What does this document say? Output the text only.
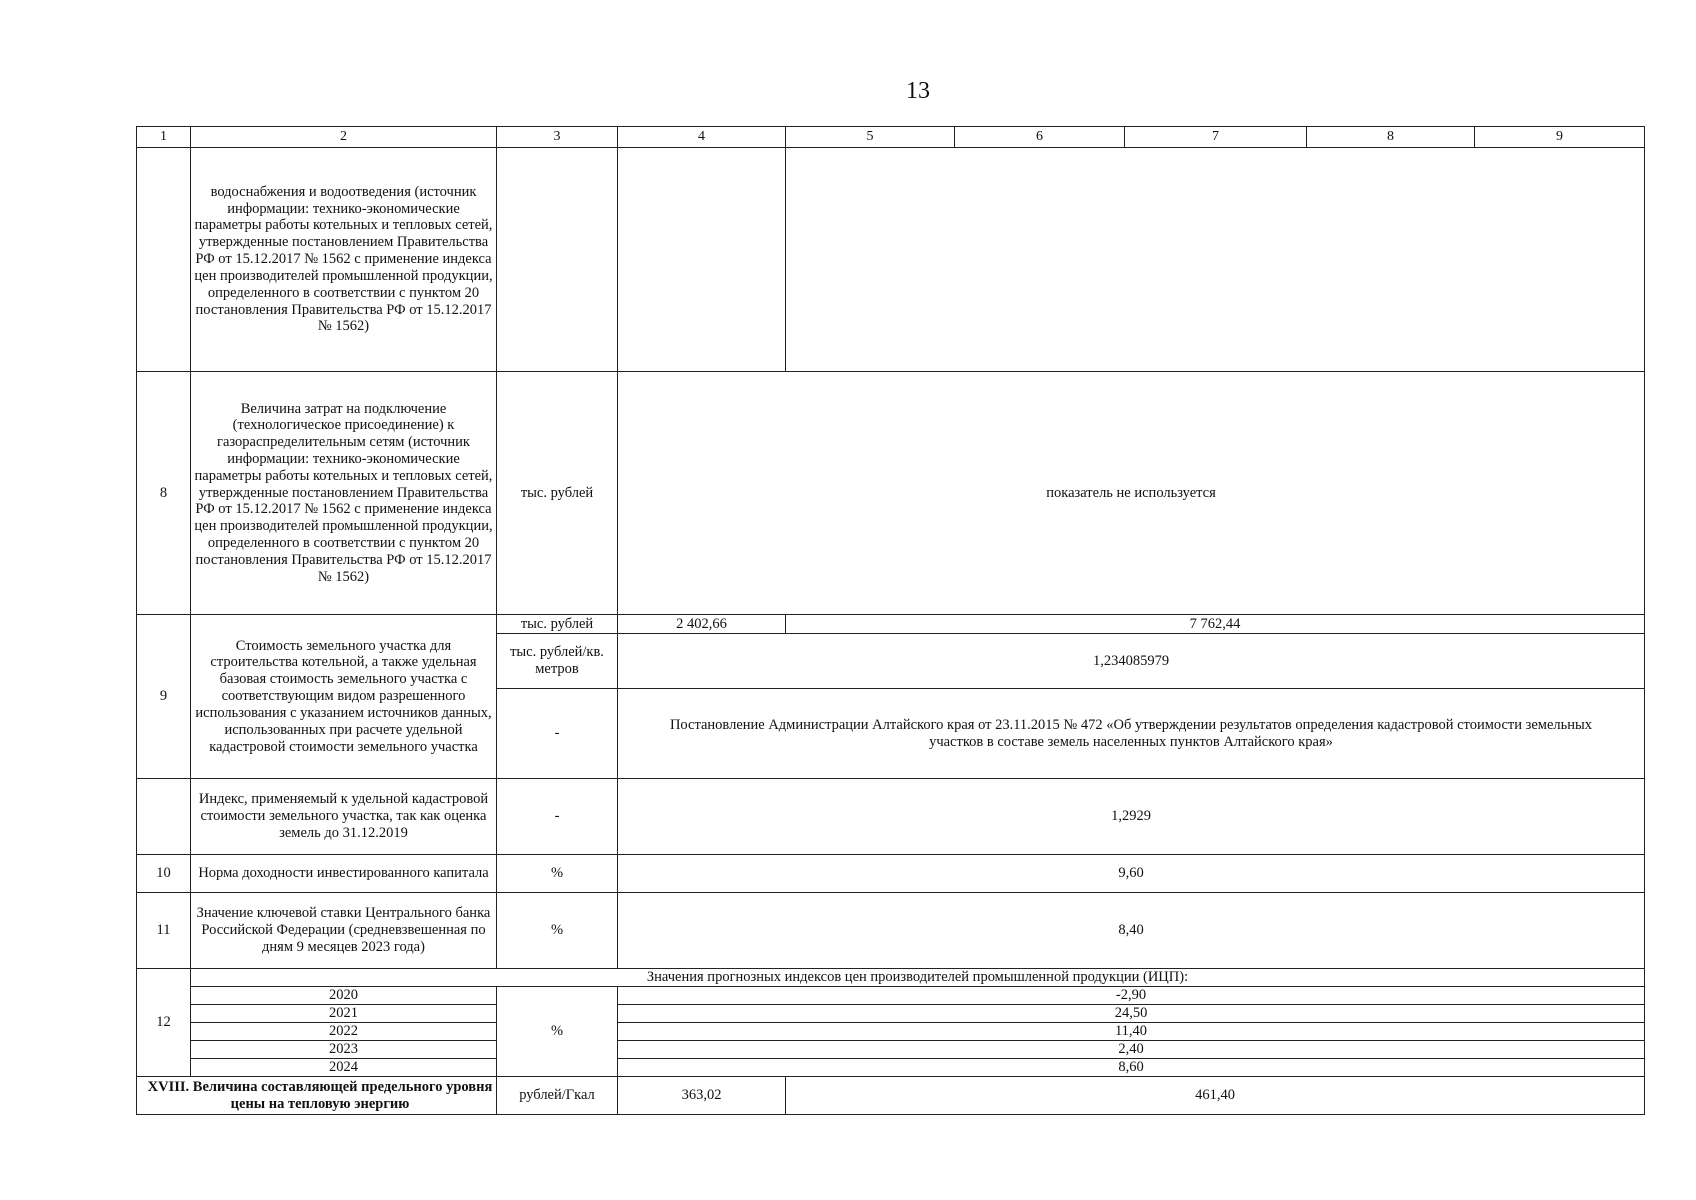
13
1	2	3	4	5	6	7	8	9
	водоснабжения и водоотведения (источник информации: технико-экономические параметры работы котельных и тепловых сетей, утвержденные постановлением Правительства РФ от 15.12.2017 № 1562 с применение индекса цен производителей промышленной продукции, определенного в соответствии с пунктом 20 постановления Правительства РФ от 15.12.2017 № 1562)							
8	Величина затрат на подключение (технологическое присоединение) к газораспределительным сетям (источник информации: технико-экономические параметры работы котельных и тепловых сетей, утвержденные постановлением Правительства РФ от 15.12.2017 № 1562 с применение индекса цен производителей промышленной продукции, определенного в соответствии с пунктом 20 постановления Правительства РФ от 15.12.2017 № 1562)	тыс. рублей	показатель не используется					
9	Стоимость земельного участка для строительства котельной, а также удельная базовая стоимость земельного участка с соответствующим видом разрешенного использования с указанием источников данных, использованных при расчете удельной кадастровой стоимости земельного участка	тыс. рублей	2 402,66	7 762,44				
		тыс. рублей/кв. метров	1,234085979					
		-	Постановление Администрации Алтайского края от 23.11.2015 № 472 «Об утверждении результатов определения кадастровой стоимости земельных участков в составе земель населенных пунктов Алтайского края»					
	Индекс, применяемый к удельной кадастровой стоимости земельного участка, так как оценка земель до 31.12.2019	-	1,2929					
10	Норма доходности инвестированного капитала	%	9,60					
11	Значение ключевой ставки Центрального банка Российской Федерации (средневзвешенная по дням 9 месяцев 2023 года)	%	8,40					
12	Значения прогнозных индексов цен производителей промышленной продукции (ИЦП):							
	2020	%	-2,90					
	2021		24,50					
	2022		11,40					
	2023		2,40					
	2024		8,60					
XVIII. Величина составляющей предельного уровня цены на тепловую энергию		рублей/Гкал	363,02	461,40				
